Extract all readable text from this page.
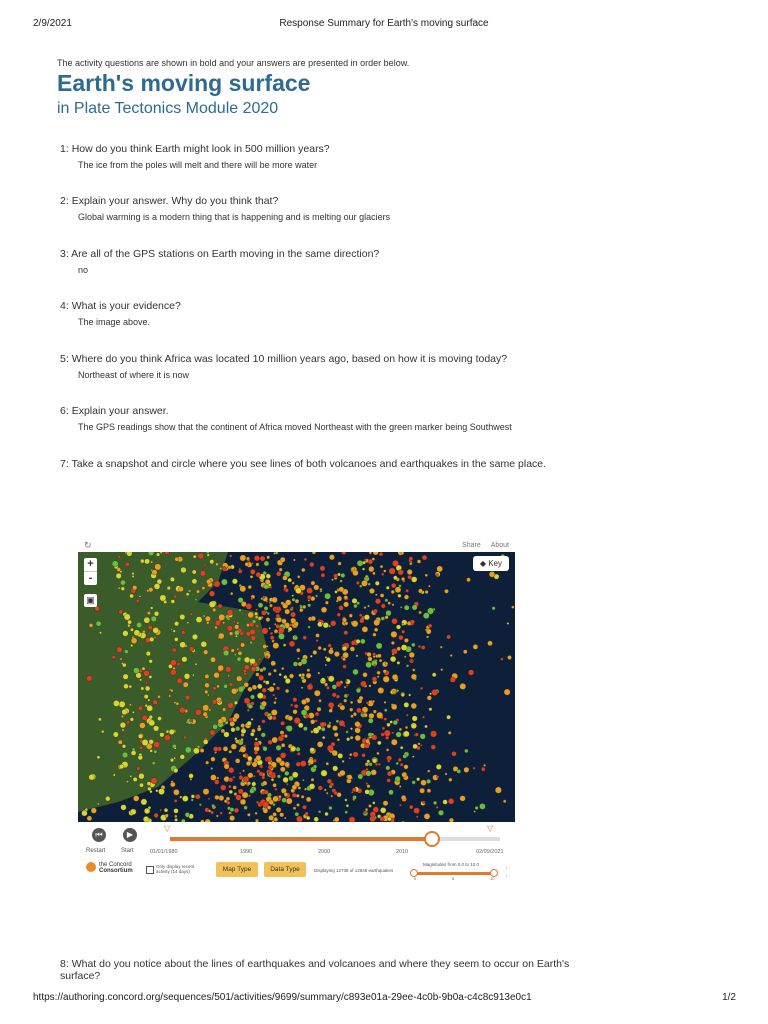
2/9/2021	Response Summary for Earth's moving surface
The activity questions are shown in bold and your answers are presented in order below.
Earth's moving surface
in Plate Tectonics Module 2020
1: How do you think Earth might look in 500 million years?
The ice from the poles will melt and there will be more water
2: Explain your answer. Why do you think that?
Global warming is a modern thing that is happening and is melting our glaciers
3: Are all of the GPS stations on Earth moving in the same direction?
no
4: What is your evidence?
The image above.
5: Where do you think Africa was located 10 million years ago, based on how it is moving today?
Northeast of where it is now
6: Explain your answer.
The GPS readings show that the continent of Africa moved Northeast with the green marker being Southwest
7: Take a snapshot and circle where you see lines of both volcanoes and earthquakes in the same place.
↻	Share About
+
-
▣
◆ Key
⏮
Restart
▶
Start
▽	▽
01/01/1980	1990	2000	2010	02/09/2021
the Concord
Consortium
Only display recent activity (14 days)	Map Type	Data Type	Displaying 12736 of 12848 earthquakes
Magnitudes from 0.0 to 10.0
0	5	10
•
•
8: What do you notice about the lines of earthquakes and volcanoes and where they seem to occur on Earth's surface?
https://authoring.concord.org/sequences/501/activities/9699/summary/c893e01a-29ee-4c0b-9b0a-c4c8c913e0c1	1/2
